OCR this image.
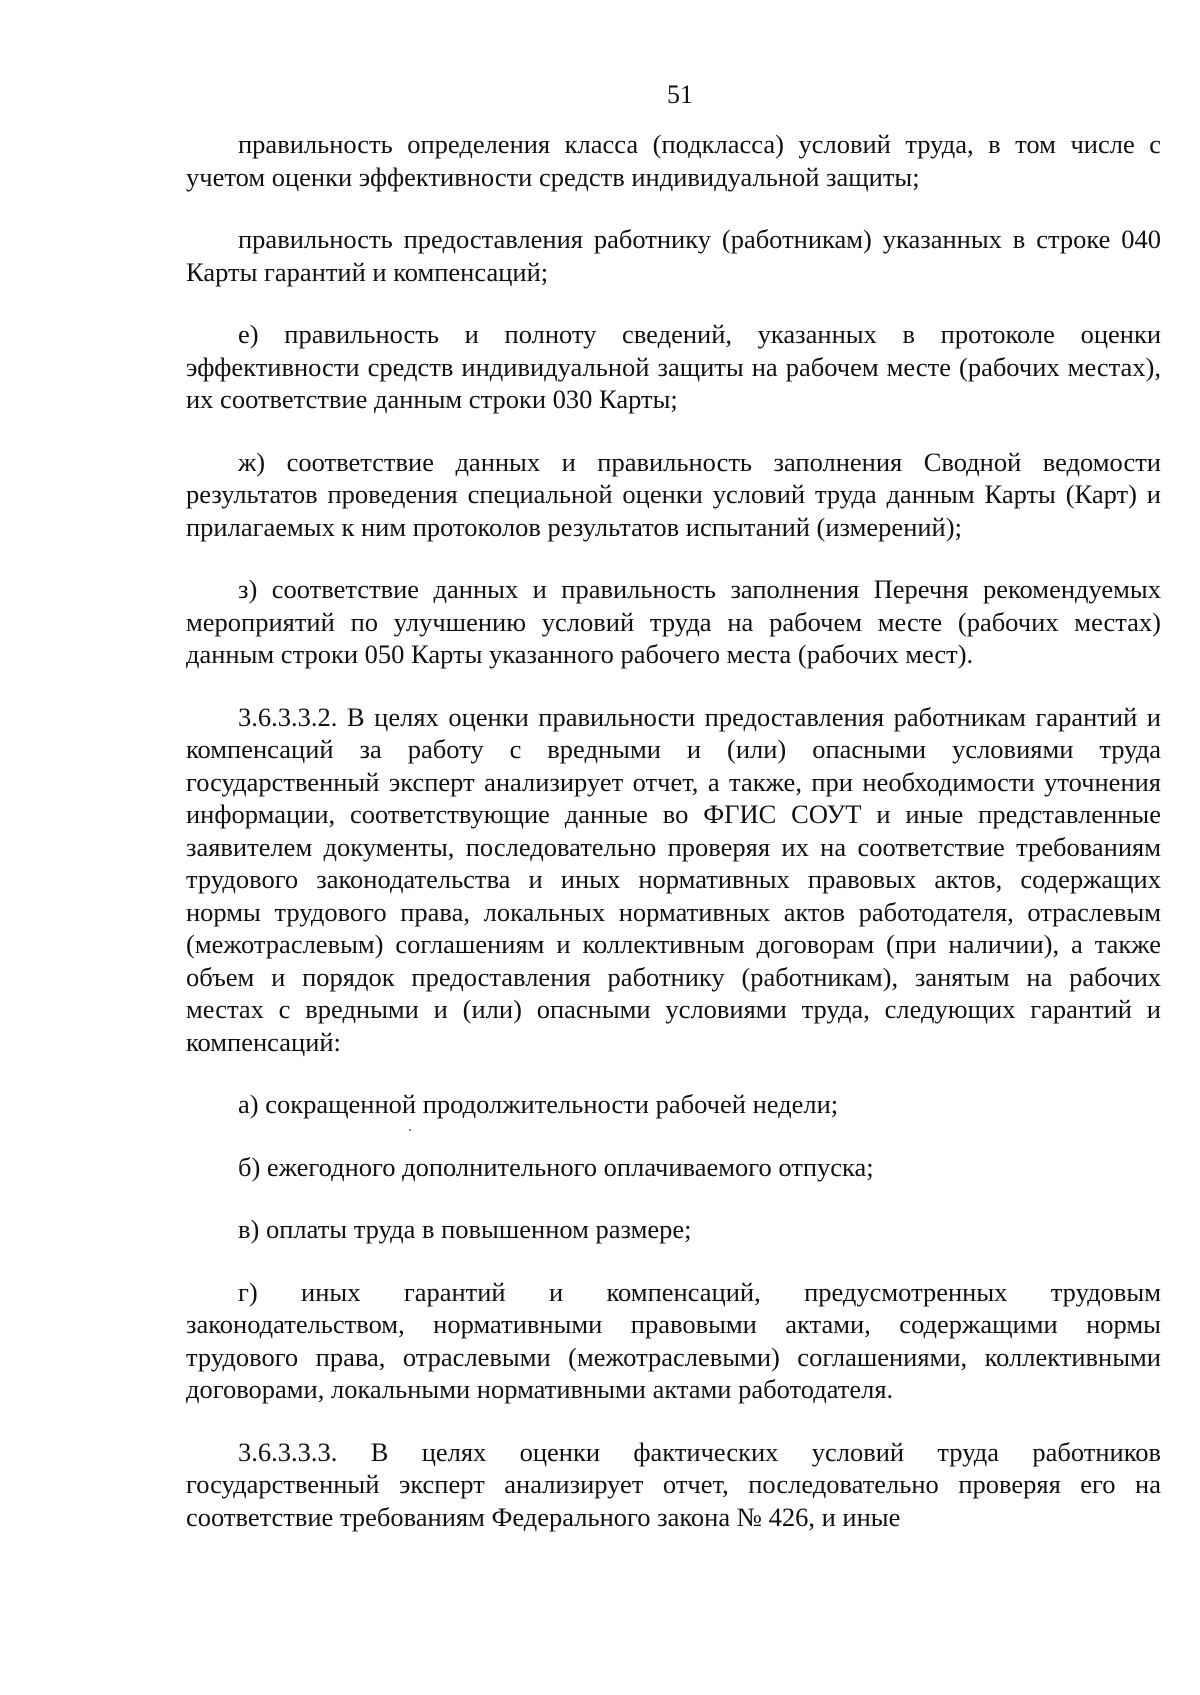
51

правильность определения класса (подкласса) условий труда, в том числе с учетом оценки эффективности средств индивидуальной защиты;

правильность предоставления работнику (работникам) указанных в строке 040 Карты гарантий и компенсаций;

е) правильность и полноту сведений, указанных в протоколе оценки эффективности средств индивидуальной защиты на рабочем месте (рабочих местах), их соответствие данным строки 030 Карты;

ж) соответствие данных и правильность заполнения Сводной ведомости результатов проведения специальной оценки условий труда данным Карты (Карт) и прилагаемых к ним протоколов результатов испытаний (измерений);

з) соответствие данных и правильность заполнения Перечня рекомендуемых мероприятий по улучшению условий труда на рабочем месте (рабочих местах) данным строки 050 Карты указанного рабочего места (рабочих мест).

3.6.3.3.2. В целях оценки правильности предоставления работникам гарантий и компенсаций за работу с вредными и (или) опасными условиями труда государственный эксперт анализирует отчет, а также, при необходимости уточнения информации, соответствующие данные во ФГИС СОУТ и иные представленные заявителем документы, последовательно проверяя их на соответствие требованиям трудового законодательства и иных нормативных правовых актов, содержащих нормы трудового права, локальных нормативных актов работодателя, отраслевым (межотраслевым) соглашениям и коллективным договорам (при наличии), а также объем и порядок предоставления работнику (работникам), занятым на рабочих местах с вредными и (или) опасными условиями труда, следующих гарантий и компенсаций:

а) сокращенной продолжительности рабочей недели;

б) ежегодного дополнительного оплачиваемого отпуска;

в) оплаты труда в повышенном размере;

г) иных гарантий и компенсаций, предусмотренных трудовым законодательством, нормативными правовыми актами, содержащими нормы трудового права, отраслевыми (межотраслевыми) соглашениями, коллективными договорами, локальными нормативными актами работодателя.

3.6.3.3.3. В целях оценки фактических условий труда работников государственный эксперт анализирует отчет, последовательно проверяя его на соответствие требованиям Федерального закона № 426, и иные
